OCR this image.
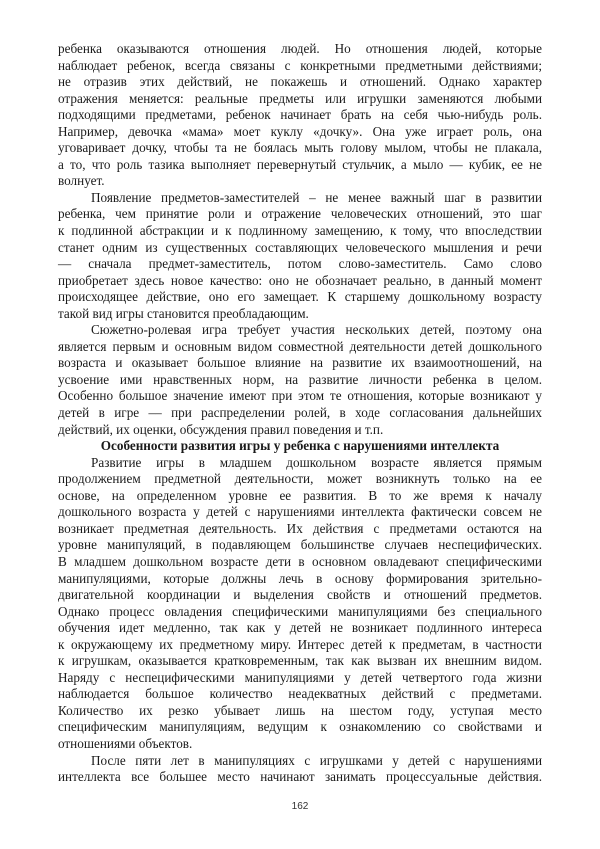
ребенка оказываются отношения людей. Но отношения людей, которые
наблюдает ребенок, всегда связаны с конкретными предметными действиями;
не отразив этих действий, не покажешь и отношений. Однако характер
отражения меняется: реальные предметы или игрушки заменяются любыми
подходящими предметами, ребенок начинает брать на себя чью-нибудь роль.
Например, девочка «мама» моет куклу «дочку». Она уже играет роль, она
уговаривает дочку, чтобы та не боялась мыть голову мылом, чтобы не плакала,
а то, что роль тазика выполняет перевернутый стульчик, а мыло — кубик, ее не
волнует.
Появление предметов-заместителей – не менее важный шаг в развитии
ребенка, чем принятие роли и отражение человеческих отношений, это шаг
к подлинной абстракции и к подлинному замещению, к тому, что впоследствии
станет одним из существенных составляющих человеческого мышления и речи
— сначала предмет-заместитель, потом слово-заместитель. Само слово
приобретает здесь новое качество: оно не обозначает реально, в данный момент
происходящее действие, оно его замещает. К старшему дошкольному возрасту
такой вид игры становится преобладающим.
Сюжетно-ролевая игра требует участия нескольких детей, поэтому она
является первым и основным видом совместной деятельности детей дошкольного
возраста и оказывает большое влияние на развитие их взаимоотношений, на
усвоение ими нравственных норм, на развитие личности ребенка в целом.
Особенно большое значение имеют при этом те отношения, которые возникают у
детей в игре –– при распределении ролей, в ходе согласования дальнейших
действий, их оценки, обсуждения правил поведения и т.п.
Особенности развития игры у ребенка с нарушениями интеллекта
Развитие игры в младшем дошкольном возрасте является прямым
продолжением предметной деятельности, может возникнуть только на ее
основе, на определенном уровне ее развития. В то же время к началу
дошкольного возраста у детей с нарушениями интеллекта фактически совсем не
возникает предметная деятельность. Их действия с предметами остаются на
уровне манипуляций, в подавляющем большинстве случаев неспецифических.
В младшем дошкольном возрасте дети в основном овладевают специфическими
манипуляциями, которые должны лечь в основу формирования зрительно-
двигательной координации и выделения свойств и отношений предметов.
Однако процесс овладения специфическими манипуляциями без специального
обучения идет медленно, так как у детей не возникает подлинного интереса
к окружающему их предметному миру. Интерес детей к предметам, в частности
к игрушкам, оказывается кратковременным, так как вызван их внешним видом.
Наряду с неспецифическими манипуляциями у детей четвертого года жизни
наблюдается большое количество неадекватных действий с предметами.
Количество их резко убывает лишь на шестом году, уступая место
специфическим манипуляциям, ведущим к ознакомлению со свойствами и
отношениями объектов.
После пяти лет в манипуляциях с игрушками у детей с нарушениями
интеллекта все большее место начинают занимать процессуальные действия.
162
